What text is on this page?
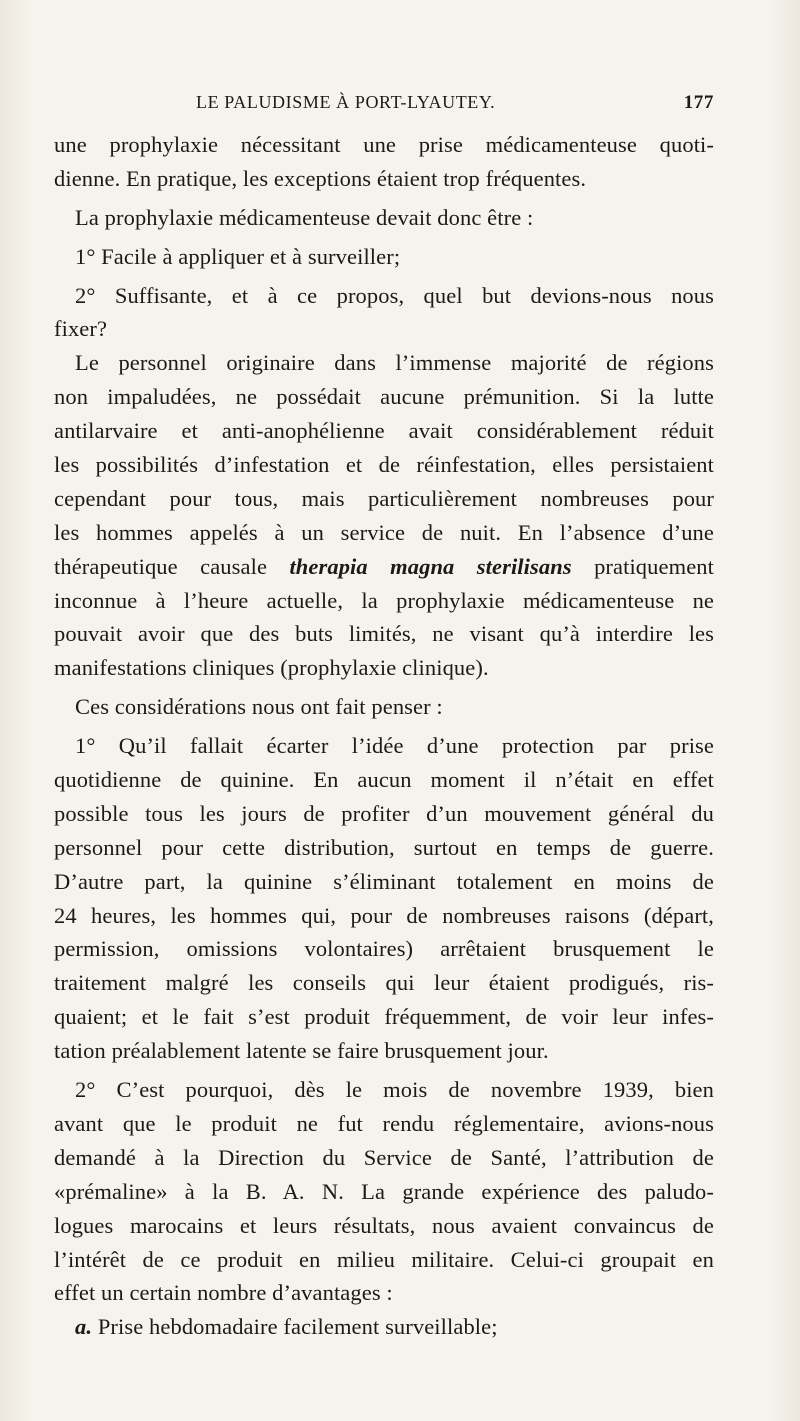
LE PALUDISME À PORT-LYAUTEY.	177
une prophylaxie nécessitant une prise médicamenteuse quoti-
dienne. En pratique, les exceptions étaient trop fréquentes.
La prophylaxie médicamenteuse devait donc être :
1° Facile à appliquer et à surveiller;
2° Suffisante, et à ce propos, quel but devions-nous nous
fixer?
Le personnel originaire dans l’immense majorité de régions
non impaludées, ne possédait aucune prémunition. Si la lutte
antilarvaire et anti-anophélienne avait considérablement réduit
les possibilités d’infestation et de réinfestation, elles persistaient
cependant pour tous, mais particulièrement nombreuses pour
les hommes appelés à un service de nuit. En l’absence d’une
thérapeutique causale therapia magna sterilisans pratiquement
inconnue à l’heure actuelle, la prophylaxie médicamenteuse ne
pouvait avoir que des buts limités, ne visant qu’à interdire les
manifestations cliniques (prophylaxie clinique).
Ces considérations nous ont fait penser :
1° Qu’il fallait écarter l’idée d’une protection par prise
quotidienne de quinine. En aucun moment il n’était en effet
possible tous les jours de profiter d’un mouvement général du
personnel pour cette distribution, surtout en temps de guerre.
D’autre part, la quinine s’éliminant totalement en moins de
24 heures, les hommes qui, pour de nombreuses raisons (départ,
permission, omissions volontaires) arrêtaient brusquement le
traitement malgré les conseils qui leur étaient prodigués, ris-
quaient; et le fait s’est produit fréquemment, de voir leur infes-
tation préalablement latente se faire brusquement jour.
2° C’est pourquoi, dès le mois de novembre 1939, bien
avant que le produit ne fut rendu réglementaire, avions-nous
demandé à la Direction du Service de Santé, l’attribution de
«prémaline» à la B. A. N. La grande expérience des paludo-
logues marocains et leurs résultats, nous avaient convaincus de
l’intérêt de ce produit en milieu militaire. Celui-ci groupait en
effet un certain nombre d’avantages :
a. Prise hebdomadaire facilement surveillable;
